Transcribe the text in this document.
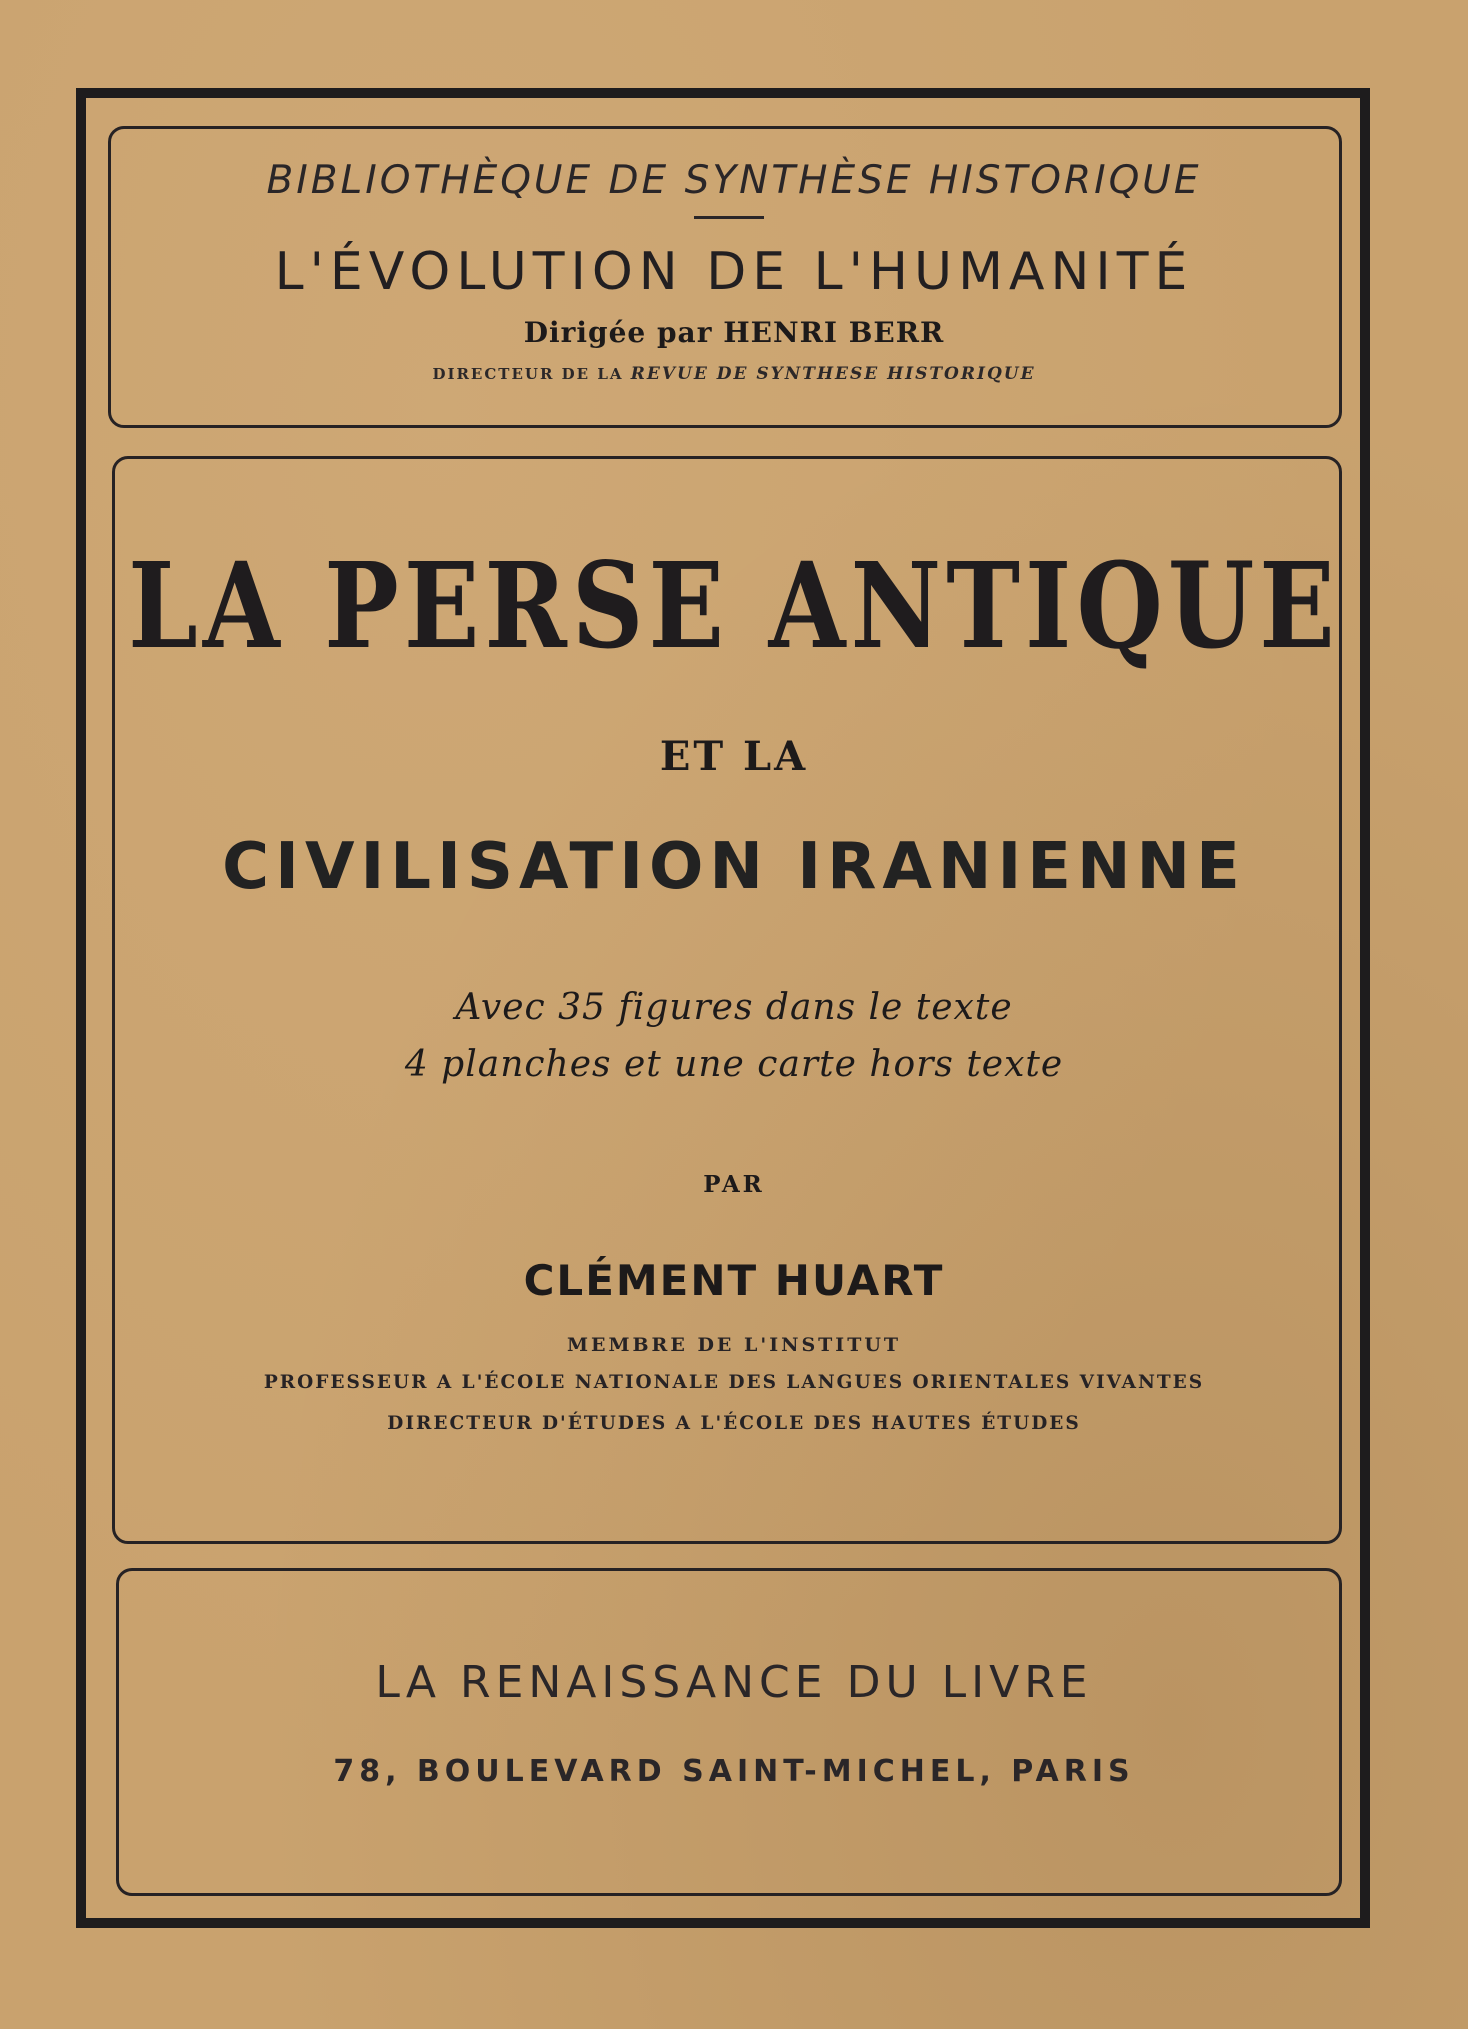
BIBLIOTHÈQUE DE SYNTHÈSE HISTORIQUE

L'ÉVOLUTION DE L'HUMANITÉ

Dirigée par HENRI BERR

DIRECTEUR DE LA REVUE DE SYNTHESE HISTORIQUE

LA PERSE ANTIQUE

ET LA

CIVILISATION IRANIENNE

Avec 35 figures dans le texte

4 planches et une carte hors texte

PAR

CLÉMENT HUART

MEMBRE DE L'INSTITUT

PROFESSEUR A L'ÉCOLE NATIONALE DES LANGUES ORIENTALES VIVANTES

DIRECTEUR D'ÉTUDES A L'ÉCOLE DES HAUTES ÉTUDES

LA RENAISSANCE DU LIVRE

78, BOULEVARD SAINT-MICHEL, PARIS
